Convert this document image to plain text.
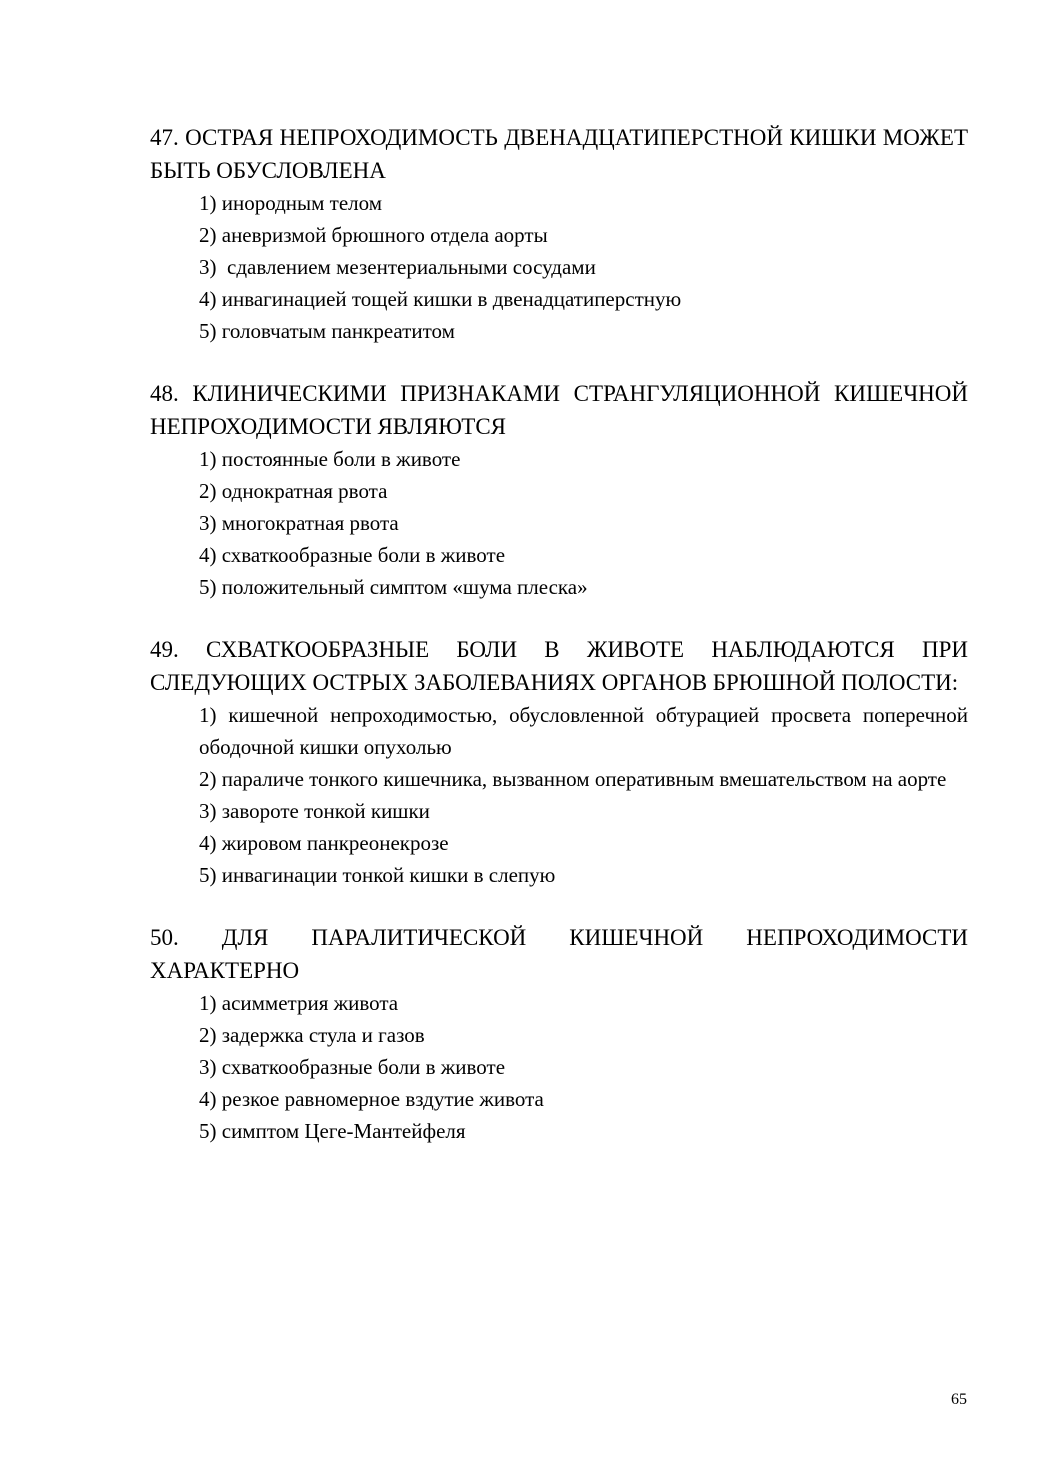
47. ОСТРАЯ НЕПРОХОДИМОСТЬ ДВЕНАДЦАТИПЕРСТНОЙ КИШКИ МОЖЕТ БЫТЬ ОБУСЛОВЛЕНА

1) инородным телом
2) аневризмой брюшного отдела аорты
3)  сдавлением мезентериальными сосудами
4) инвагинацией тощей кишки в двенадцатиперстную
5) головчатым панкреатитом

48. КЛИНИЧЕСКИМИ ПРИЗНАКАМИ СТРАНГУЛЯЦИОННОЙ КИШЕЧНОЙ НЕПРОХОДИМОСТИ ЯВЛЯЮТСЯ

1) постоянные боли в животе
2) однократная рвота
3) многократная рвота
4) схваткообразные боли в животе
5) положительный симптом «шума плеска»

49. СХВАТКООБРАЗНЫЕ БОЛИ В ЖИВОТЕ НАБЛЮДАЮТСЯ ПРИ СЛЕДУЮЩИХ ОСТРЫХ ЗАБОЛЕВАНИЯХ ОРГАНОВ БРЮШНОЙ ПОЛОСТИ:

1) кишечной непроходимостью, обусловленной обтурацией просвета поперечной ободочной кишки опухолью
2) параличе тонкого кишечника, вызванном оперативным вмешательством на аорте
3) завороте тонкой кишки
4) жировом панкреонекрозе
5) инвагинации тонкой кишки в слепую

50. ДЛЯ ПАРАЛИТИЧЕСКОЙ КИШЕЧНОЙ НЕПРОХОДИМОСТИ ХАРАКТЕРНО

1) асимметрия живота
2) задержка стула и газов
3) схваткообразные боли в животе
4) резкое равномерное вздутие живота
5) симптом Цеге-Мантейфеля
65
